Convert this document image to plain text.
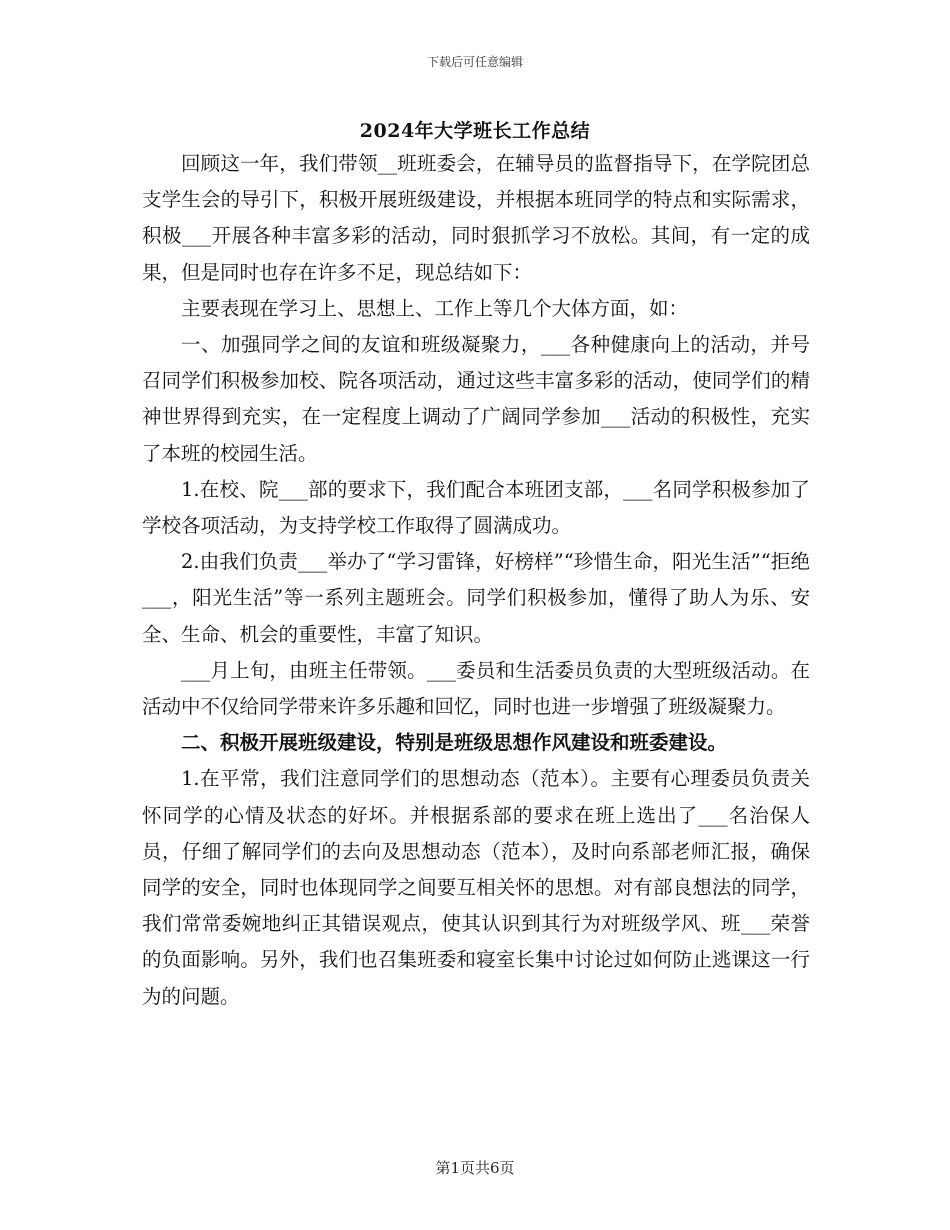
下载后可任意编辑
2024年大学班长工作总结

回顾这一年，我们带领__班班委会，在辅导员的监督指导下，在学院团总支学生会的导引下，积极开展班级建设，并根据本班同学的特点和实际需求，积极___开展各种丰富多彩的活动，同时狠抓学习不放松。其间，有一定的成果，但是同时也存在许多不足，现总结如下：

主要表现在学习上、思想上、工作上等几个大体方面，如：

一、加强同学之间的友谊和班级凝聚力，___各种健康向上的活动，并号召同学们积极参加校、院各项活动，通过这些丰富多彩的活动，使同学们的精神世界得到充实，在一定程度上调动了广阔同学参加___活动的积极性，充实了本班的校园生活。

1.在校、院___部的要求下，我们配合本班团支部，___名同学积极参加了学校各项活动，为支持学校工作取得了圆满成功。

2.由我们负责___举办了“学习雷锋，好榜样”“珍惜生命，阳光生活”“拒绝___，阳光生活”等一系列主题班会。同学们积极参加，懂得了助人为乐、安全、生命、机会的重要性，丰富了知识。

___月上旬，由班主任带领。___委员和生活委员负责的大型班级活动。在活动中不仅给同学带来许多乐趣和回忆，同时也进一步增强了班级凝聚力。

二、积极开展班级建设，特别是班级思想作风建设和班委建设。

1.在平常，我们注意同学们的思想动态（范本）。主要有心理委员负责关怀同学的心情及状态的好坏。并根据系部的要求在班上选出了___名治保人员，仔细了解同学们的去向及思想动态（范本），及时向系部老师汇报，确保同学的安全，同时也体现同学之间要互相关怀的思想。对有部良想法的同学，我们常常委婉地纠正其错误观点，使其认识到其行为对班级学风、班___荣誉的负面影响。另外，我们也召集班委和寝室长集中讨论过如何防止逃课这一行为的问题。

第1页共6页
